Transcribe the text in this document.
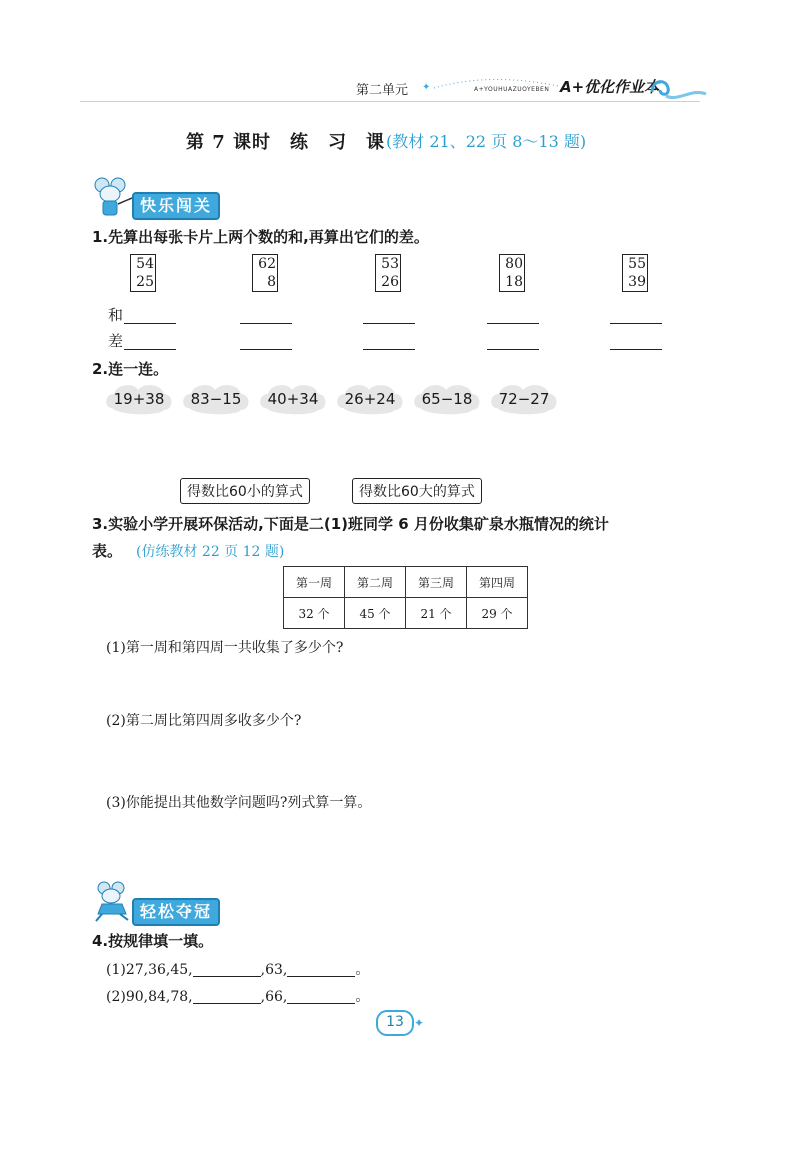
第二单元 ✦	A+YOUHUAZUOYEBEN A+优化作业本
第 7 课时　练　习　课 (教材 21、22 页 8～13 题)
快乐闯关
1.先算出每张卡片上两个数的和,再算出它们的差。
54
25
62
8
53
26
80
18
55
39
和
差
2.连一连。
19+38	83−15	40+34	26+24	65−18	72−27
得数比60小的算式	得数比60大的算式
3.实验小学开展环保活动,下面是二(1)班同学 6 月份收集矿泉水瓶情况的统计
表。 (仿练教材 22 页 12 题)
第一周	第二周	第三周	第四周
32 个	45 个	21 个	29 个
(1)第一周和第四周一共收集了多少个?
(2)第二周比第四周多收多少个?
(3)你能提出其他数学问题吗?列式算一算。
轻松夺冠
4.按规律填一填。
(1)27,36,45,	,63,	。
(2)90,84,78,	,66,	。
13 ✦
